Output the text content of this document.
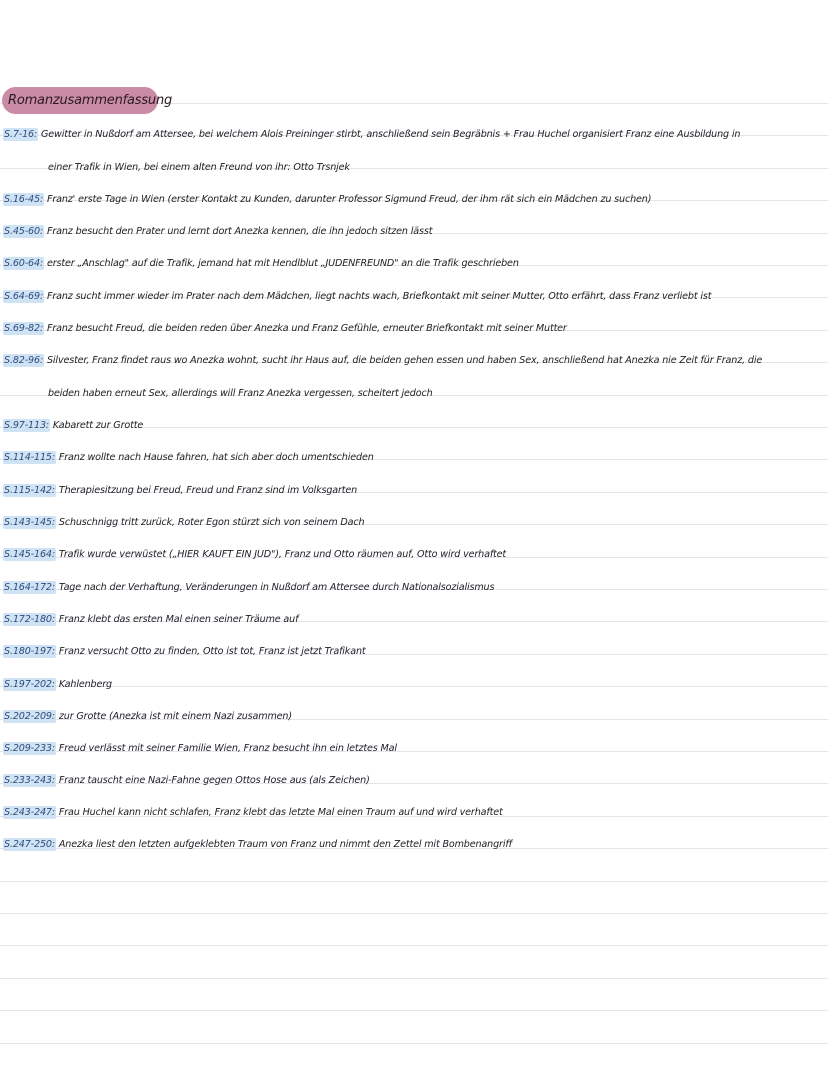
Romanzusammenfassung
S.7-16: Gewitter in Nußdorf am Attersee, bei welchem Alois Preininger stirbt, anschließend sein Begräbnis + Frau Huchel organisiert Franz eine Ausbildung in
einer Trafik in Wien, bei einem alten Freund von ihr: Otto Trsnjek
S.16-45: Franz' erste Tage in Wien (erster Kontakt zu Kunden, darunter Professor Sigmund Freud, der ihm rät sich ein Mädchen zu suchen)
S.45-60: Franz besucht den Prater und lernt dort Anezka kennen, die ihn jedoch sitzen lässt
S.60-64: erster „Anschlag" auf die Trafik, jemand hat mit Hendlblut „JUDENFREUND" an die Trafik geschrieben
S.64-69: Franz sucht immer wieder im Prater nach dem Mädchen, liegt nachts wach, Briefkontakt mit seiner Mutter, Otto erfährt, dass Franz verliebt ist
S.69-82: Franz besucht Freud, die beiden reden über Anezka und Franz Gefühle, erneuter Briefkontakt mit seiner Mutter
S.82-96: Silvester, Franz findet raus wo Anezka wohnt, sucht ihr Haus auf, die beiden gehen essen und haben Sex, anschließend hat Anezka nie Zeit für Franz, die
beiden haben erneut Sex, allerdings will Franz Anezka vergessen, scheitert jedoch
S.97-113: Kabarett zur Grotte
S.114-115: Franz wollte nach Hause fahren, hat sich aber doch umentschieden
S.115-142: Therapiesitzung bei Freud, Freud und Franz sind im Volksgarten
S.143-145: Schuschnigg tritt zurück, Roter Egon stürzt sich von seinem Dach
S.145-164: Trafik wurde verwüstet („HIER KAUFT EIN JUD"), Franz und Otto räumen auf, Otto wird verhaftet
S.164-172: Tage nach der Verhaftung, Veränderungen in Nußdorf am Attersee durch Nationalsozialismus
S.172-180: Franz klebt das ersten Mal einen seiner Träume auf
S.180-197: Franz versucht Otto zu finden, Otto ist tot, Franz ist jetzt Trafikant
S.197-202: Kahlenberg
S.202-209: zur Grotte (Anezka ist mit einem Nazi zusammen)
S.209-233: Freud verlässt mit seiner Familie Wien, Franz besucht ihn ein letztes Mal
S.233-243: Franz tauscht eine Nazi-Fahne gegen Ottos Hose aus (als Zeichen)
S.243-247: Frau Huchel kann nicht schlafen, Franz klebt das letzte Mal einen Traum auf und wird verhaftet
S.247-250: Anezka liest den letzten aufgeklebten Traum von Franz und nimmt den Zettel mit Bombenangriff
